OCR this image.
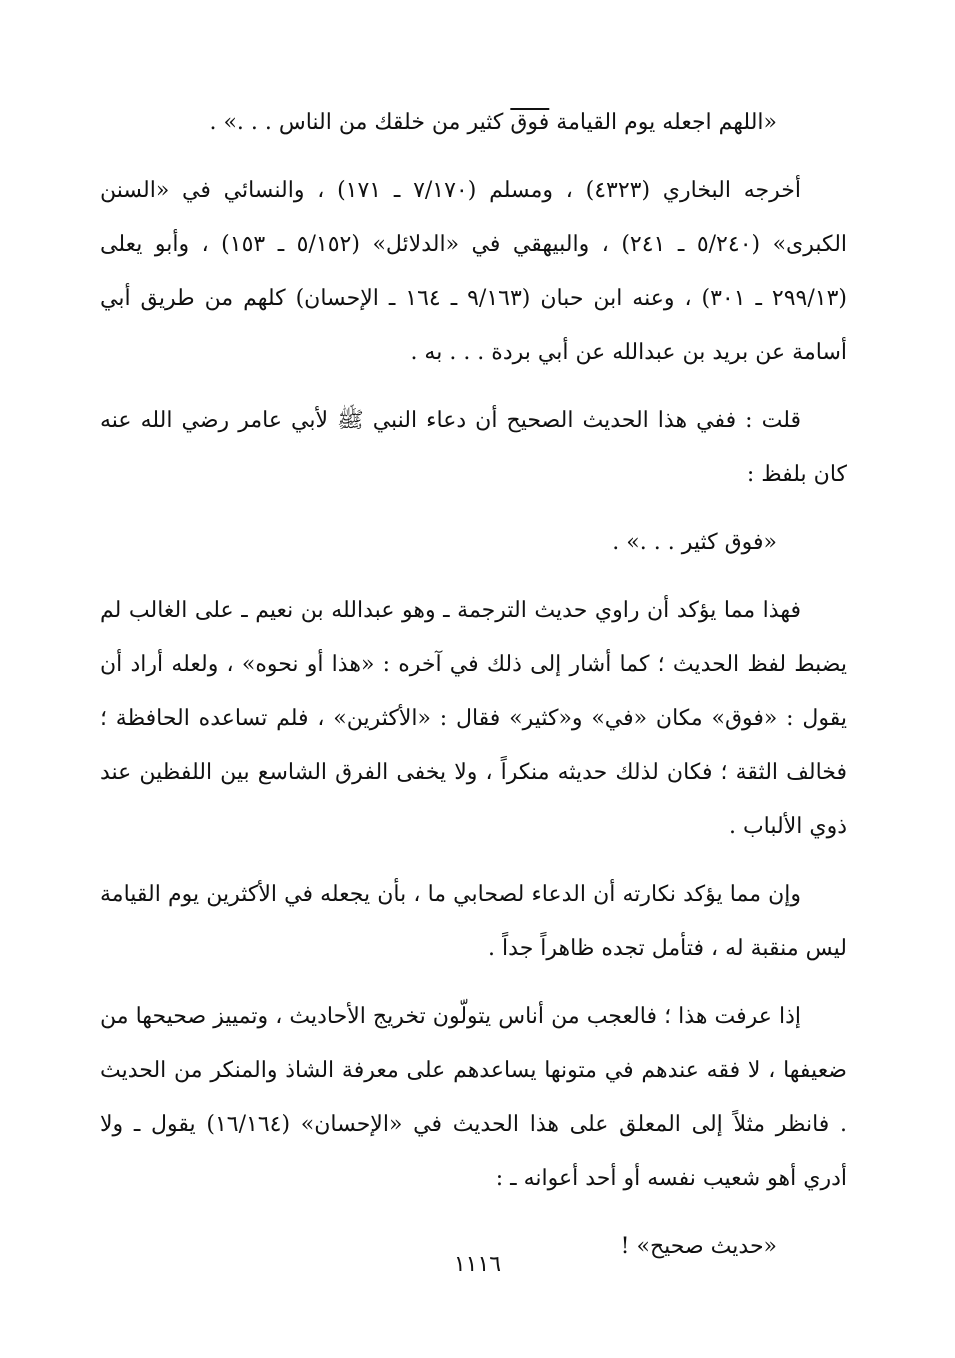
«اللهم اجعله يوم القيامة فوق كثير من خلقك من الناس . . .» .

أخرجه البخاري (٤٣٢٣) ، ومسلم (٧/١٧٠ ـ ١٧١) ، والنسائي في «السنن الكبرى» (٥/٢٤٠ ـ ٢٤١) ، والبيهقي في «الدلائل» (٥/١٥٢ ـ ١٥٣) ، وأبو يعلى (٢٩٩/١٣ ـ ٣٠١) ، وعنه ابن حبان (٩/١٦٣ ـ ١٦٤ ـ الإحسان) كلهم من طريق أبي أسامة عن بريد بن عبدالله عن أبي بردة . . . به .

قلت : ففي هذا الحديث الصحيح أن دعاء النبي ﷺ لأبي عامر رضي الله عنه كان بلفظ :

«فوق كثير . . .» .

فهذا مما يؤكد أن راوي حديث الترجمة ـ وهو عبدالله بن نعيم ـ على الغالب لم يضبط لفظ الحديث ؛ كما أشار إلى ذلك في آخره : «هذا أو نحوه» ، ولعله أراد أن يقول : «فوق» مكان «في» و«كثير» فقال : «الأكثرين» ، فلم تساعده الحافظة ؛ فخالف الثقة ؛ فكان لذلك حديثه منكراً ، ولا يخفى الفرق الشاسع بين اللفظين عند ذوي الألباب .

وإن مما يؤكد نكارته أن الدعاء لصحابي ما ، بأن يجعله في الأكثرين يوم القيامة ليس منقبة له ، فتأمل تجده ظاهراً جداً .

إذا عرفت هذا ؛ فالعجب من أناس يتولّون تخريج الأحاديث ، وتمييز صحيحها من ضعيفها ، لا فقه عندهم في متونها يساعدهم على معرفة الشاذ والمنكر من الحديث . فانظر مثلاً إلى المعلق على هذا الحديث في «الإحسان» (١٦/١٦٤) يقول ـ ولا أدري أهو شعيب نفسه أو أحد أعوانه ـ :

«حديث صحيح» !

١١١٦
